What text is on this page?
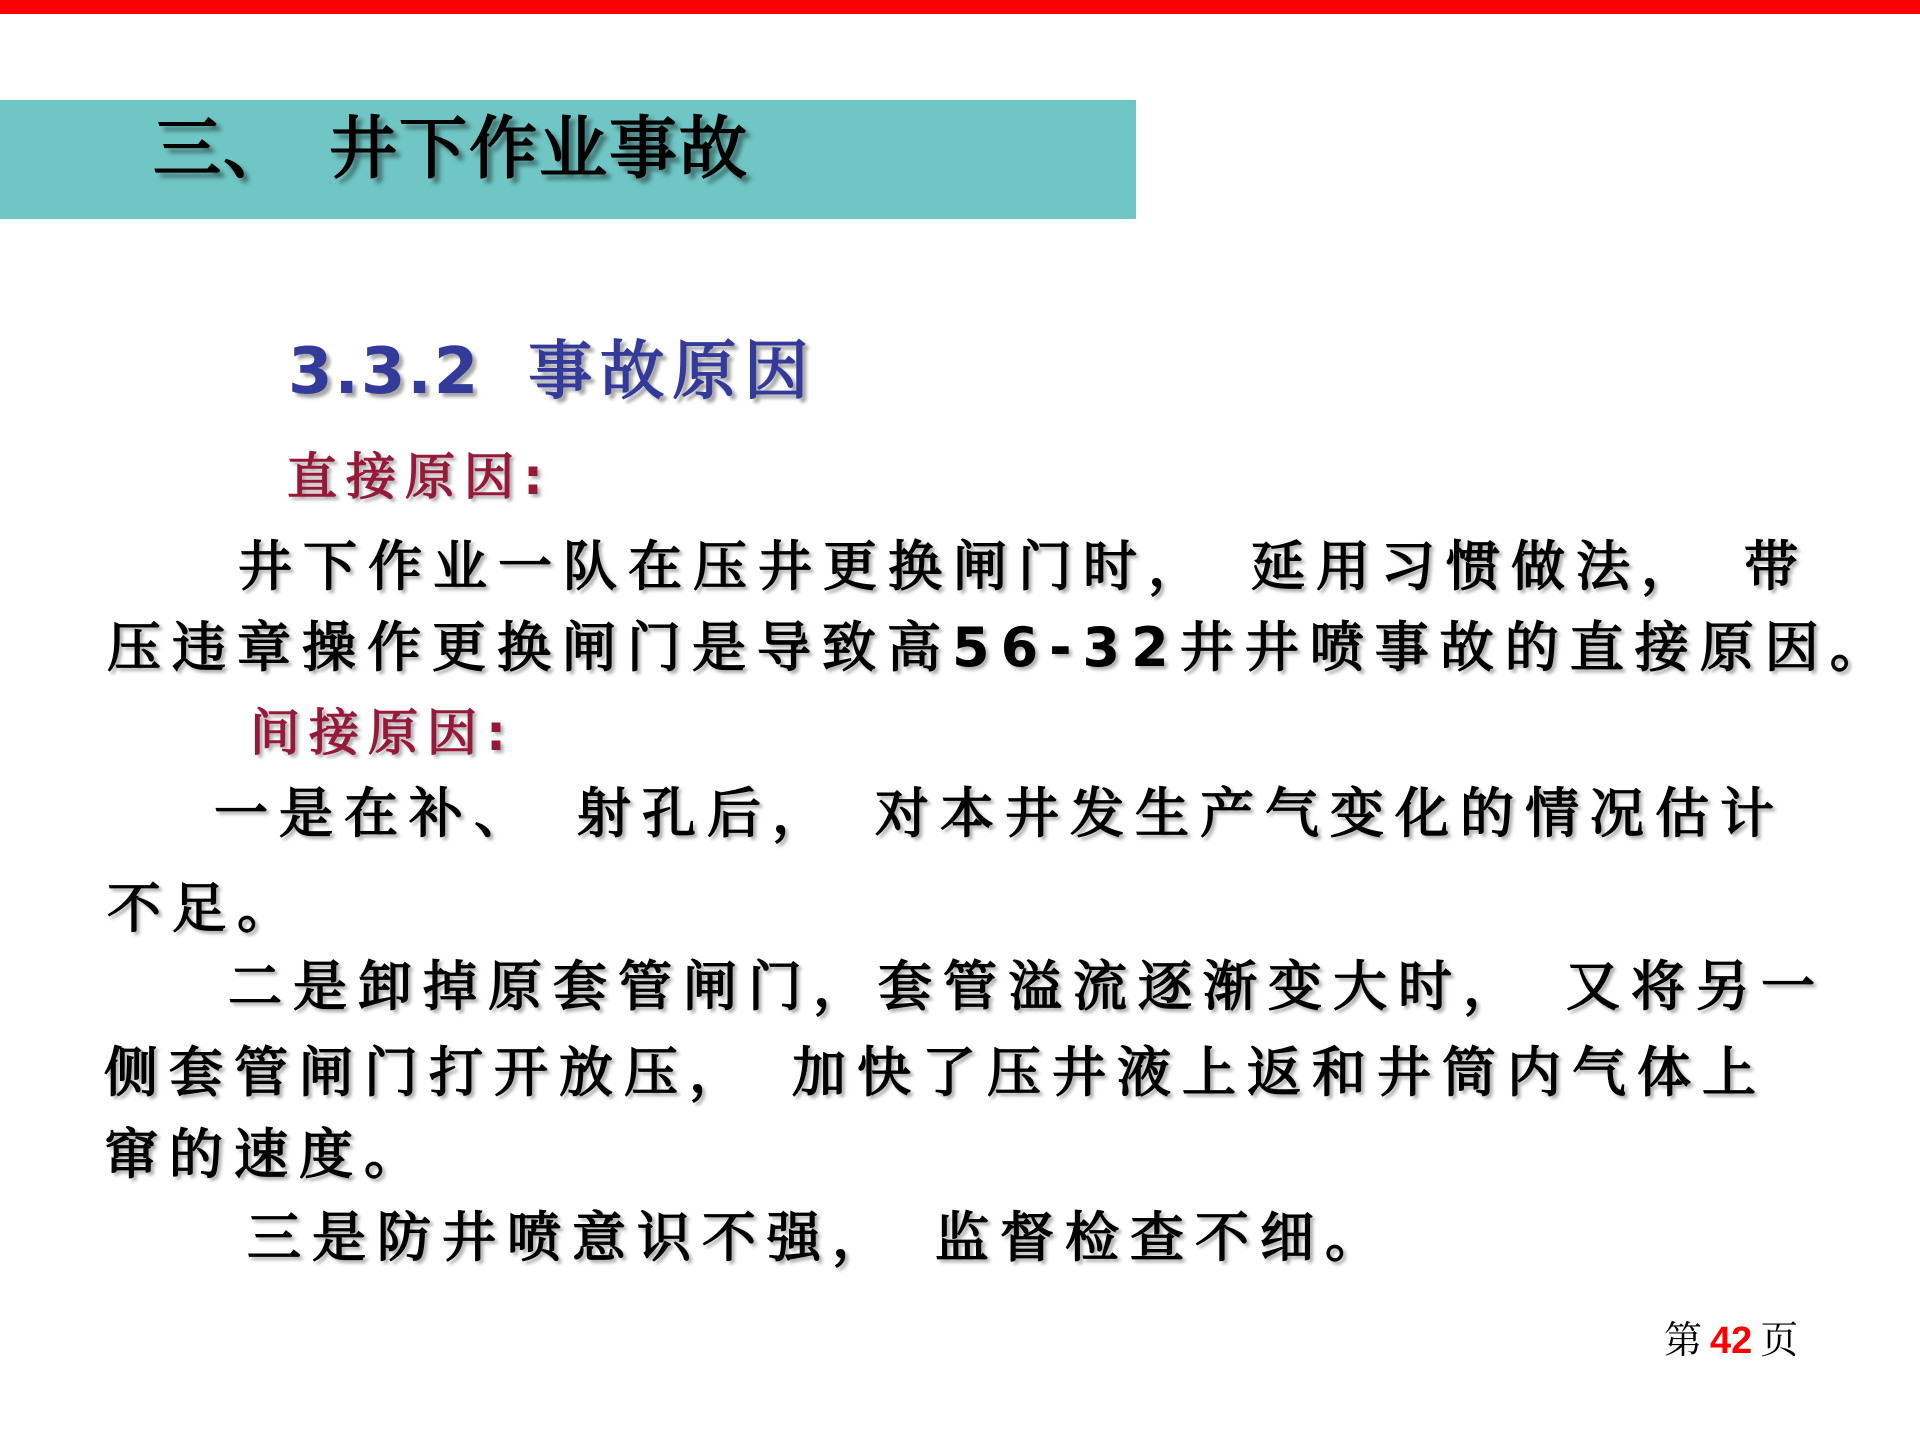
三、　井下作业事故
3.3.2 事故原因
直接原因:
井下作业一队在压井更换闸门时，　延用习惯做法，　带
压违章操作更换闸门是导致高56-32井井喷事故的直接原因。
间接原因:
一是在补、　射孔后，　对本井发生产气变化的情况估计
不足。
二是卸掉原套管闸门，套管溢流逐渐变大时，　又将另一
侧套管闸门打开放压，　加快了压井液上返和井筒内气体上
窜的速度。
三是防井喷意识不强，　监督检查不细。
第 42 页
